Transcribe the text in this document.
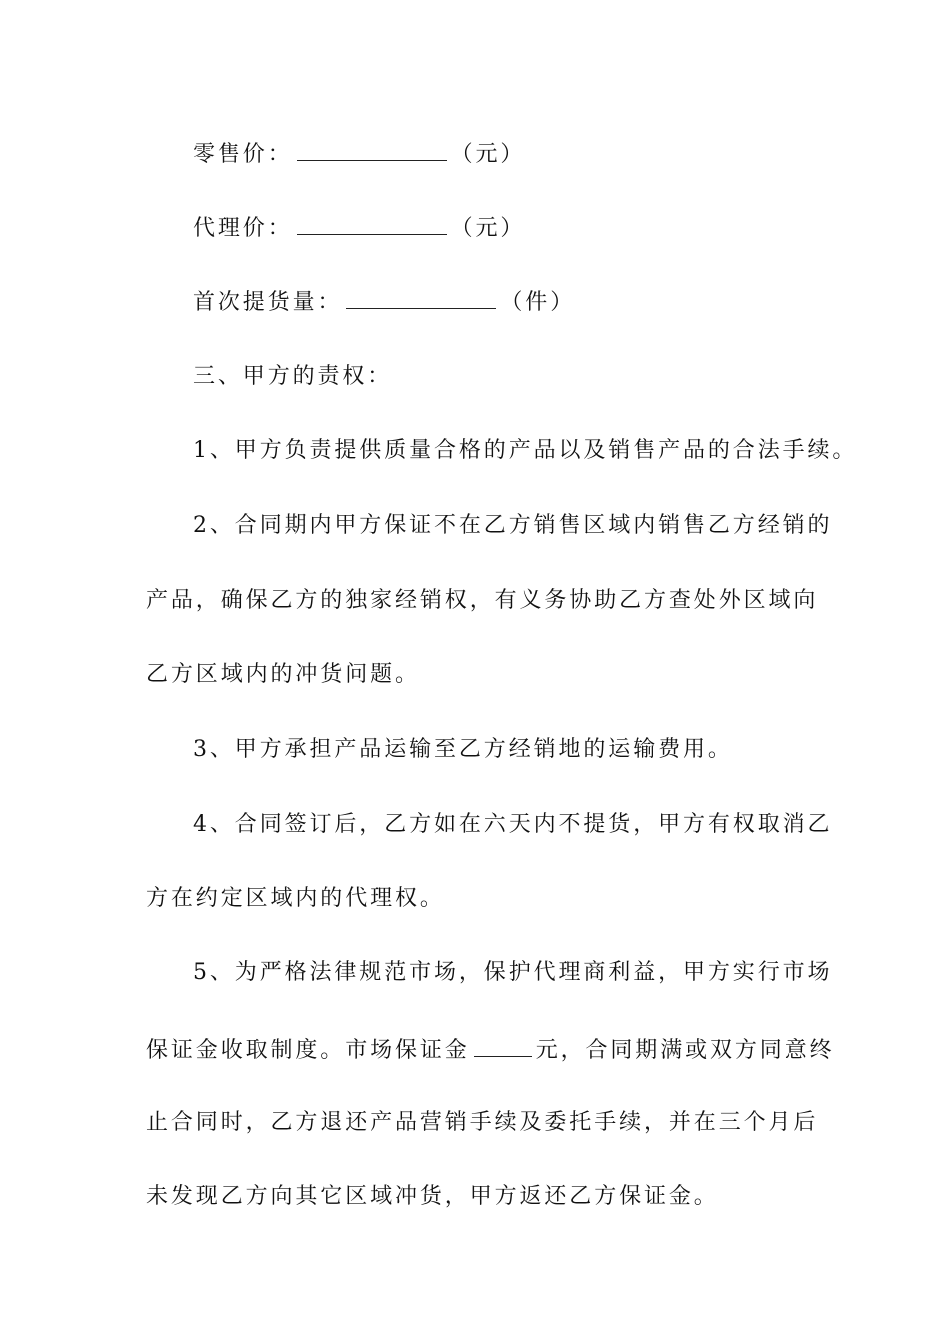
零售价：	（元）
代理价：	（元）
首次提货量：	（件）
三、甲方的责权：
1、甲方负责提供质量合格的产品以及销售产品的合法手续。
2、合同期内甲方保证不在乙方销售区域内销售乙方经销的
产品，确保乙方的独家经销权，有义务协助乙方查处外区域向
乙方区域内的冲货问题。
3、甲方承担产品运输至乙方经销地的运输费用。
4、合同签订后，乙方如在六天内不提货，甲方有权取消乙
方在约定区域内的代理权。
5、为严格法律规范市场，保护代理商利益，甲方实行市场
保证金收取制度。市场保证金	元，合同期满或双方同意终
止合同时，乙方退还产品营销手续及委托手续，并在三个月后
未发现乙方向其它区域冲货，甲方返还乙方保证金。
